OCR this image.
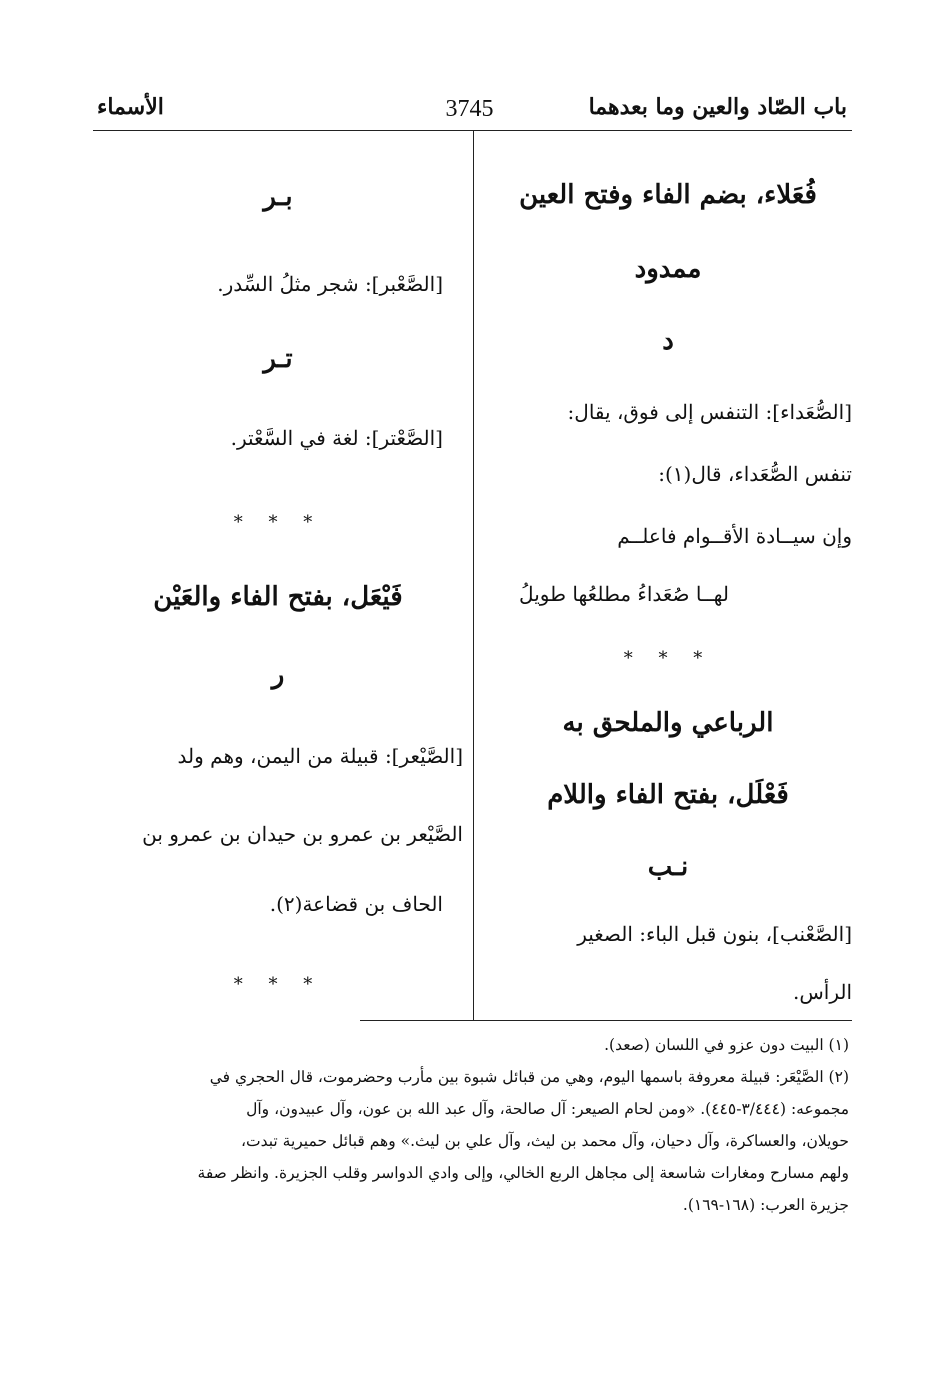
باب الصّاد والعين وما بعدهما
3745
الأسماء
فُعَلاء، بضم الفاء وفتح العين
ممدود
د
[الصُّعَداء]: التنفس إلى فوق، يقال:
تنفس الصُّعَداء، قال(١):
وإن سيــادة الأقــوام فاعلــم
لهــا صُعَداءُ مطلعُها طويلُ
* * *
الرباعي والملحق به
فَعْلَل، بفتح الفاء واللام
نـب
[الصَّعْنب]، بنون قبل الباء: الصغير
الرأس.
بـر
[الصَّعْبر]: شجر مثلُ السِّدر.
تـر
[الصَّعْتر]: لغة في السَّعْتر.
* * *
فَيْعَل، بفتح الفاء والعَيْن
ر
[الصَّيْعر]: قبيلة من اليمن، وهم ولد
الصَّيْعر بن عمرو بن حيدان بن عمرو بن
الحاف بن قضاعة(٢).
* * *
(١) البيت دون عزو في اللسان (صعد).
(٢) الصَّيْعَر: قبيلة معروفة باسمها اليوم، وهي من قبائل شبوة بين مأرب وحضرموت، قال الحجري في
مجموعه: (٣/٤٤٤-٤٤٥). «ومن لحام الصيعر: آل صالحة، وآل عبد الله بن عون، وآل عبيدون، وآل
حويلان، والعساكرة، وآل دحيان، وآل محمد بن ليث، وآل علي بن ليث.» وهم قبائل حميرية تبدت،
ولهم مسارح ومغارات شاسعة إلى مجاهل الربع الخالي، وإلى وادي الدواسر وقلب الجزيرة. وانظر صفة
جزيرة العرب: (١٦٨-١٦٩).
